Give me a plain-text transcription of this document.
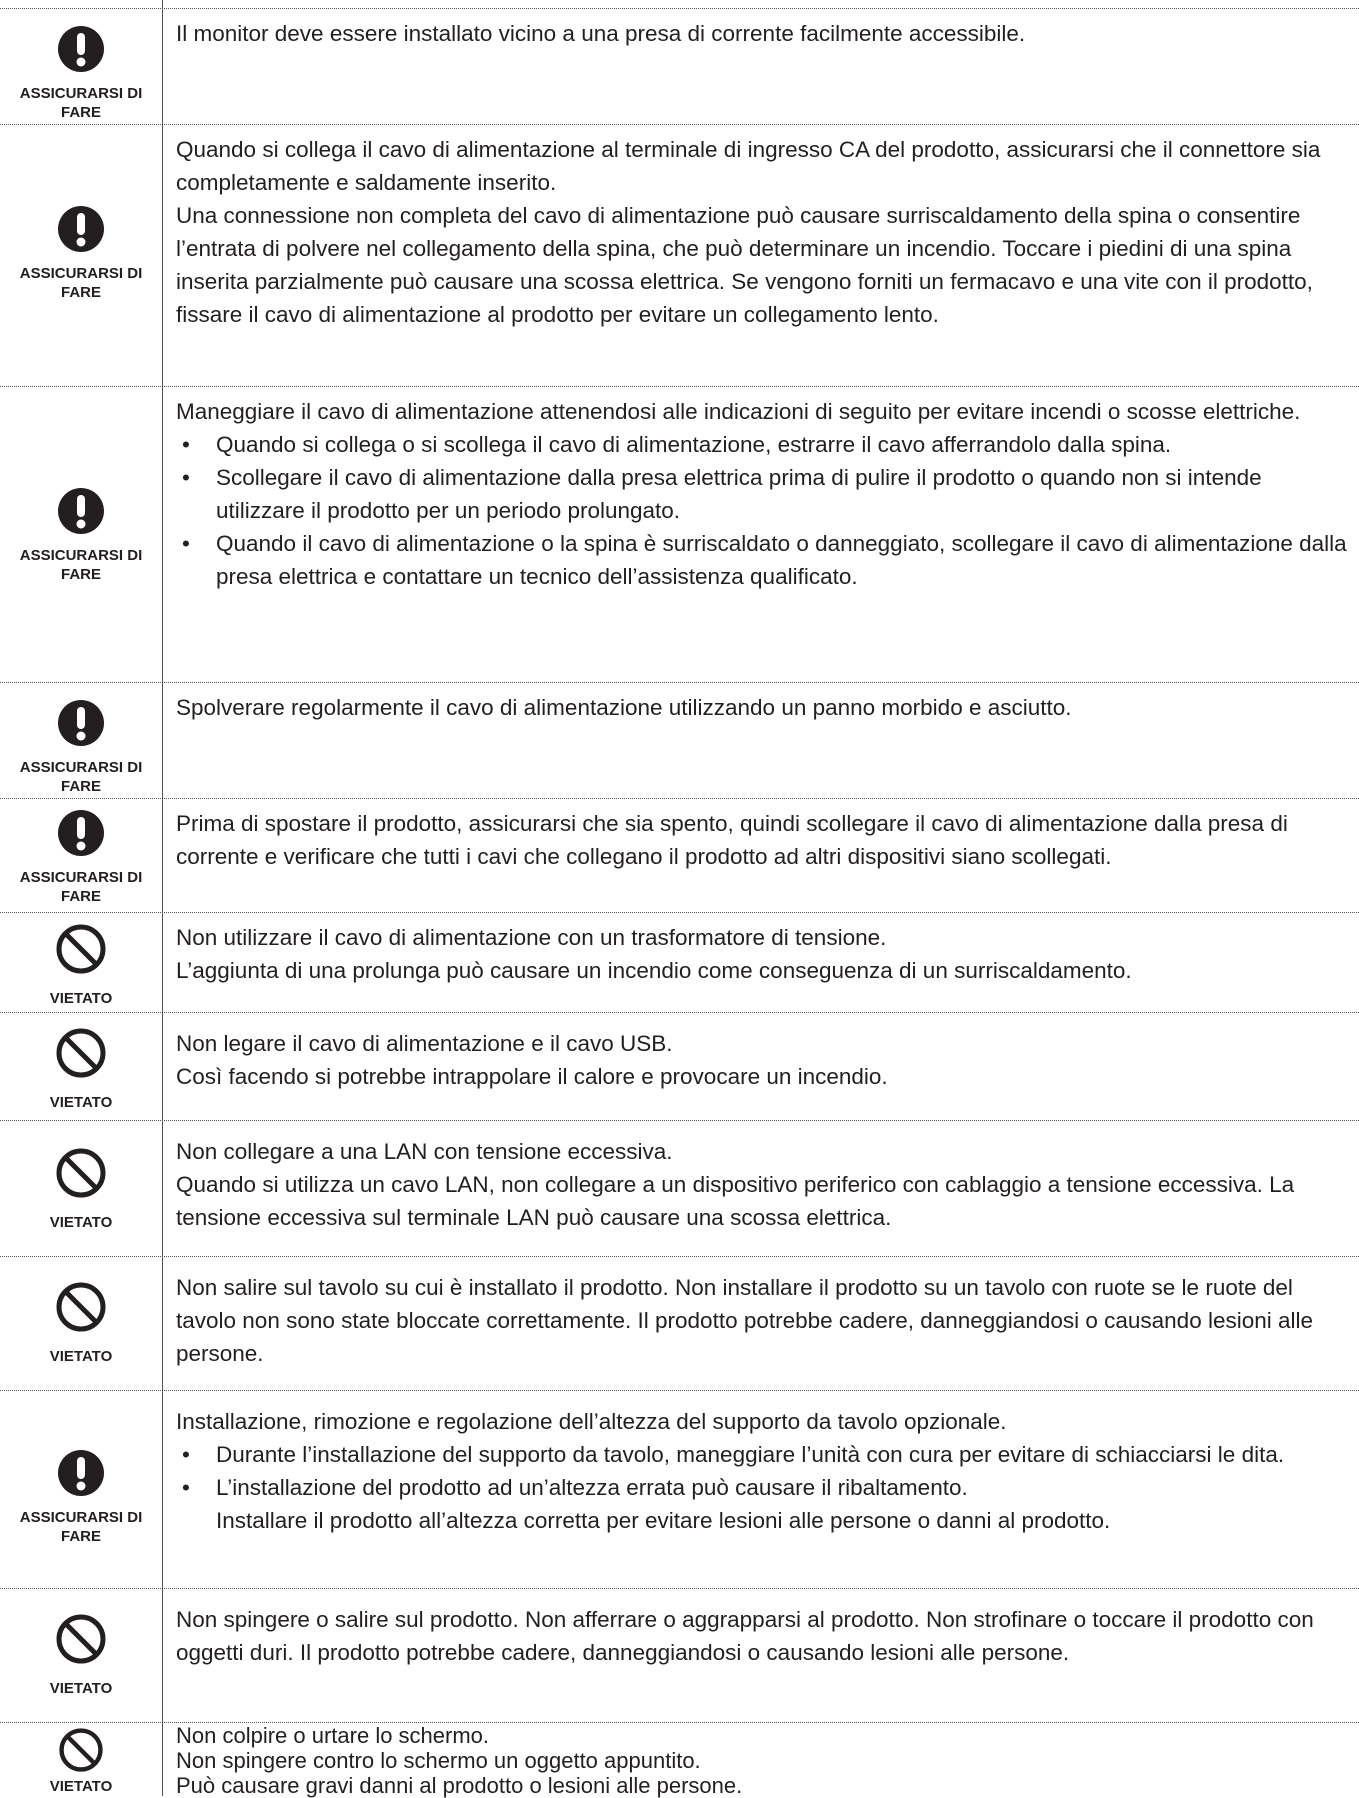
ASSICURARSI DI FARE

Il monitor deve essere installato vicino a una presa di corrente facilmente accessibile.

ASSICURARSI DI FARE

Quando si collega il cavo di alimentazione al terminale di ingresso CA del prodotto, assicurarsi che il connettore sia completamente e saldamente inserito.

Una connessione non completa del cavo di alimentazione può causare surriscaldamento della spina o consentire l’entrata di polvere nel collegamento della spina, che può determinare un incendio. Toccare i piedini di una spina inserita parzialmente può causare una scossa elettrica. Se vengono forniti un fermacavo e una vite con il prodotto, fissare il cavo di alimentazione al prodotto per evitare un collegamento lento.

ASSICURARSI DI FARE

Maneggiare il cavo di alimentazione attenendosi alle indicazioni di seguito per evitare incendi o scosse elettriche.

• Quando si collega o si scollega il cavo di alimentazione, estrarre il cavo afferrandolo dalla spina.
• Scollegare il cavo di alimentazione dalla presa elettrica prima di pulire il prodotto o quando non si intende utilizzare il prodotto per un periodo prolungato.
• Quando il cavo di alimentazione o la spina è surriscaldato o danneggiato, scollegare il cavo di alimentazione dalla presa elettrica e contattare un tecnico dell’assistenza qualificato.
ASSICURARSI DI FARE

Spolverare regolarmente il cavo di alimentazione utilizzando un panno morbido e asciutto.

ASSICURARSI DI FARE

Prima di spostare il prodotto, assicurarsi che sia spento, quindi scollegare il cavo di alimentazione dalla presa di corrente e verificare che tutti i cavi che collegano il prodotto ad altri dispositivi siano scollegati.

VIETATO

Non utilizzare il cavo di alimentazione con un trasformatore di tensione.

L’aggiunta di una prolunga può causare un incendio come conseguenza di un surriscaldamento.

VIETATO

Non legare il cavo di alimentazione e il cavo USB.

Così facendo si potrebbe intrappolare il calore e provocare un incendio.

VIETATO

Non collegare a una LAN con tensione eccessiva.

Quando si utilizza un cavo LAN, non collegare a un dispositivo periferico con cablaggio a tensione eccessiva. La tensione eccessiva sul terminale LAN può causare una scossa elettrica.

VIETATO

Non salire sul tavolo su cui è installato il prodotto. Non installare il prodotto su un tavolo con ruote se le ruote del tavolo non sono state bloccate correttamente. Il prodotto potrebbe cadere, danneggiandosi o causando lesioni alle persone.

ASSICURARSI DI FARE

Installazione, rimozione e regolazione dell’altezza del supporto da tavolo opzionale.

• Durante l’installazione del supporto da tavolo, maneggiare l’unità con cura per evitare di schiacciarsi le dita.
• L’installazione del prodotto ad un’altezza errata può causare il ribaltamento.
Installare il prodotto all’altezza corretta per evitare lesioni alle persone o danni al prodotto.
VIETATO

Non spingere o salire sul prodotto. Non afferrare o aggrapparsi al prodotto. Non strofinare o toccare il prodotto con oggetti duri. Il prodotto potrebbe cadere, danneggiandosi o causando lesioni alle persone.

VIETATO

Non colpire o urtare lo schermo.

Non spingere contro lo schermo un oggetto appuntito.

Può causare gravi danni al prodotto o lesioni alle persone.
